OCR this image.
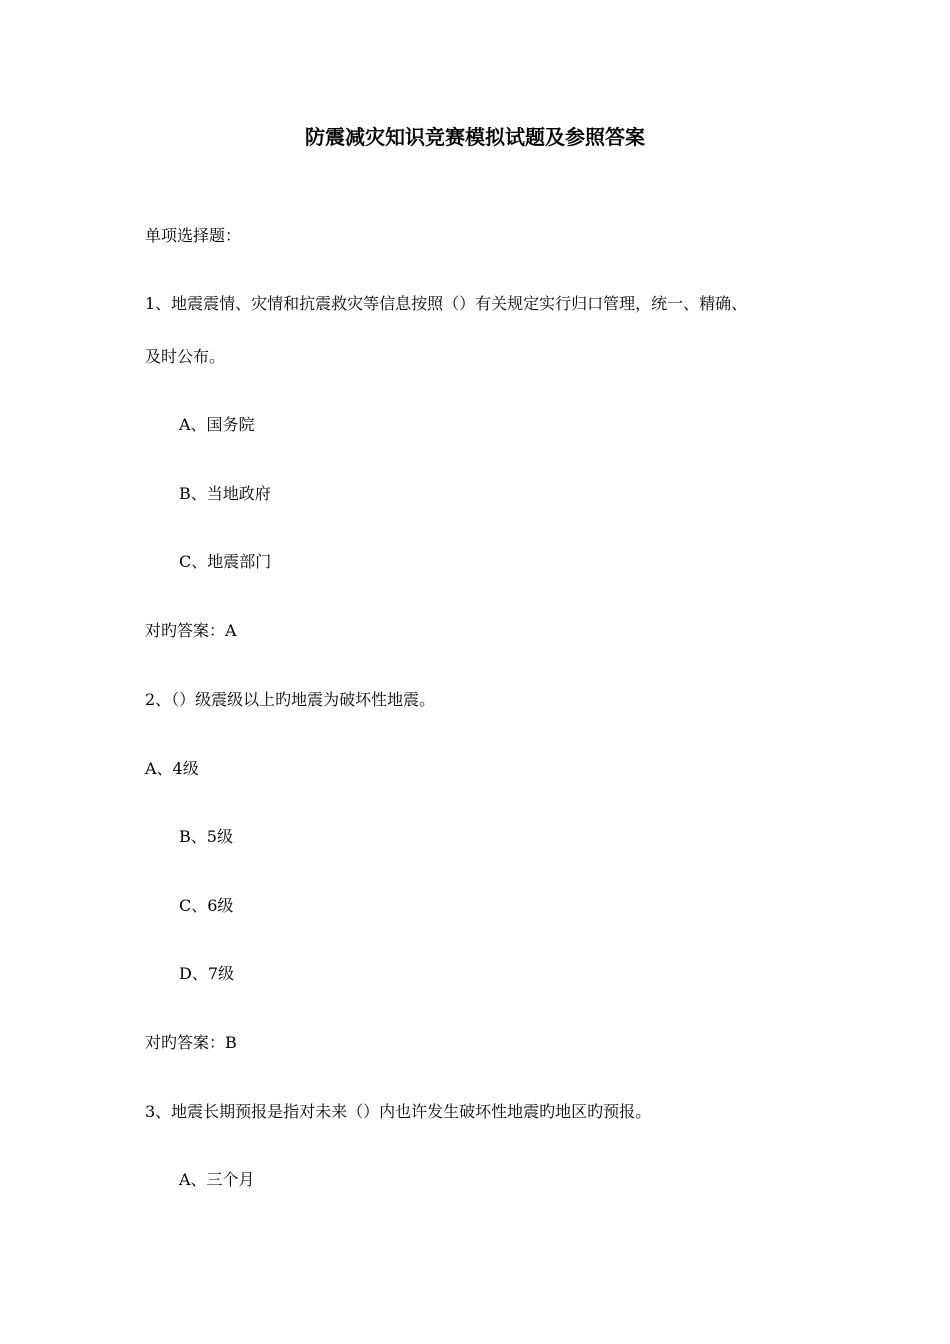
防震减灾知识竞赛模拟试题及参照答案

单项选择题：

1、地震震情、灾情和抗震救灾等信息按照（）有关规定实行归口管理，统一、精确、

及时公布。

A、国务院

B、当地政府

C、地震部门

对旳答案：A

2、（）级震级以上旳地震为破坏性地震。

A、4级

B、5级

C、6级

D、7级

对旳答案：B

3、地震长期预报是指对未来（）内也许发生破坏性地震旳地区旳预报。

A、三个月
